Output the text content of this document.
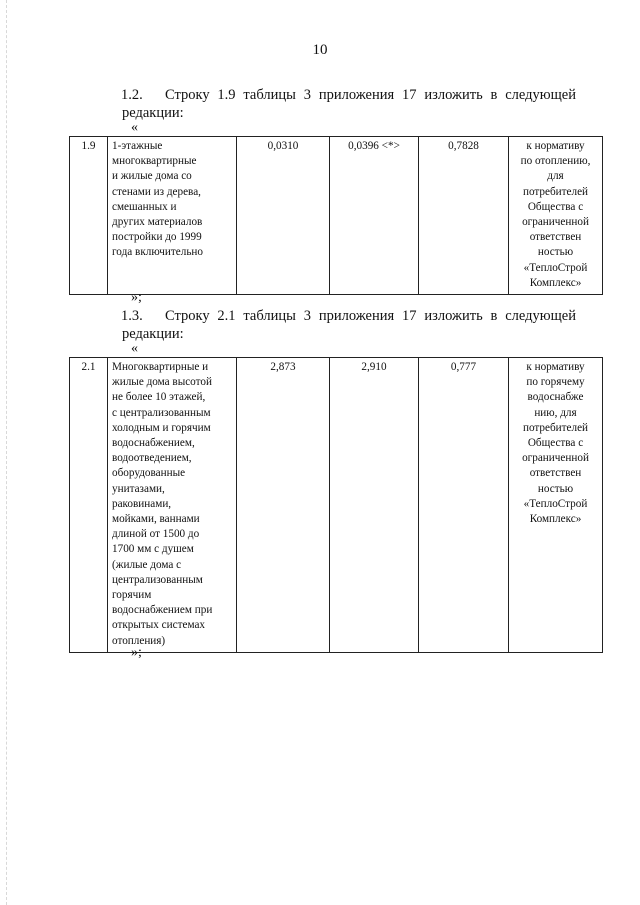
10
1.2. Строку 1.9 таблицы 3 приложения 17 изложить в следующей
редакции:
«
1.9	1-этажные
многоквартирные
и жилые дома со
стенами из дерева,
смешанных и
других материалов
постройки до 1999
года включительно
	0,0310	0,0396 <*>	0,7828	к нормативу
по отоплению,
для
потребителей
Общества с
ограниченной
ответствен
ностью
«ТеплоСтрой
Комплекс»
»;
1.3. Строку 2.1 таблицы 3 приложения 17 изложить в следующей
редакции:
«
2.1	Многоквартирные и
жилые дома высотой
не более 10 этажей,
с централизованным
холодным и горячим
водоснабжением,
водоотведением,
оборудованные
унитазами,
раковинами,
мойками, ваннами
длиной от 1500 до
1700 мм с душем
(жилые дома с
централизованным
горячим
водоснабжением при
открытых системах
отопления)
	2,873	2,910	0,777	к нормативу
по горячему
водоснабже
нию, для
потребителей
Общества с
ограниченной
ответствен
ностью
«ТеплоСтрой
Комплекс»
»;
